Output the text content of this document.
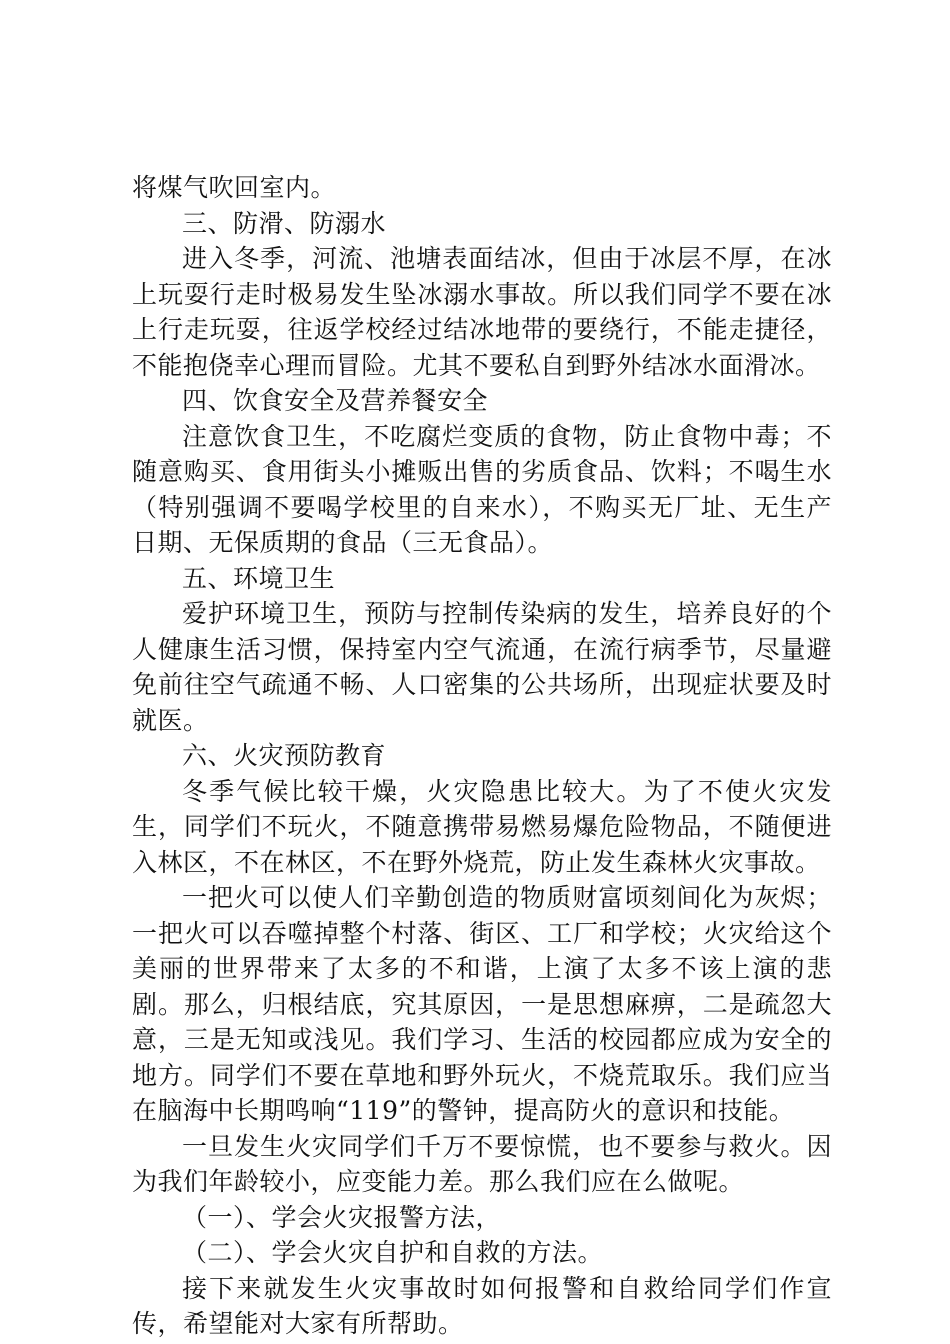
将煤气吹回室内。

三、防滑、防溺水

进入冬季，河流、池塘表面结冰，但由于冰层不厚，在冰上玩耍行走时极易发生坠冰溺水事故。所以我们同学不要在冰上行走玩耍，往返学校经过结冰地带的要绕行，不能走捷径，不能抱侥幸心理而冒险。尤其不要私自到野外结冰水面滑冰。

四、饮食安全及营养餐安全

注意饮食卫生，不吃腐烂变质的食物，防止食物中毒；不随意购买、食用街头小摊贩出售的劣质食品、饮料；不喝生水（特别强调不要喝学校里的自来水），不购买无厂址、无生产日期、无保质期的食品（三无食品）。

五、环境卫生

爱护环境卫生，预防与控制传染病的发生，培养良好的个人健康生活习惯，保持室内空气流通，在流行病季节，尽量避免前往空气疏通不畅、人口密集的公共场所，出现症状要及时就医。

六、火灾预防教育

冬季气候比较干燥，火灾隐患比较大。为了不使火灾发生，同学们不玩火，不随意携带易燃易爆危险物品，不随便进入林区，不在林区，不在野外烧荒，防止发生森林火灾事故。

一把火可以使人们辛勤创造的物质财富顷刻间化为灰烬；一把火可以吞噬掉整个村落、街区、工厂和学校；火灾给这个美丽的世界带来了太多的不和谐，上演了太多不该上演的悲剧。那么，归根结底，究其原因，一是思想麻痹，二是疏忽大意，三是无知或浅见。我们学习、生活的校园都应成为安全的地方。同学们不要在草地和野外玩火，不烧荒取乐。我们应当在脑海中长期鸣响“119”的警钟，提高防火的意识和技能。

一旦发生火灾同学们千万不要惊慌，也不要参与救火。因为我们年龄较小，应变能力差。那么我们应在么做呢。

（一）、学会火灾报警方法，

（二）、学会火灾自护和自救的方法。

接下来就发生火灾事故时如何报警和自救给同学们作宣传，希望能对大家有所帮助。
